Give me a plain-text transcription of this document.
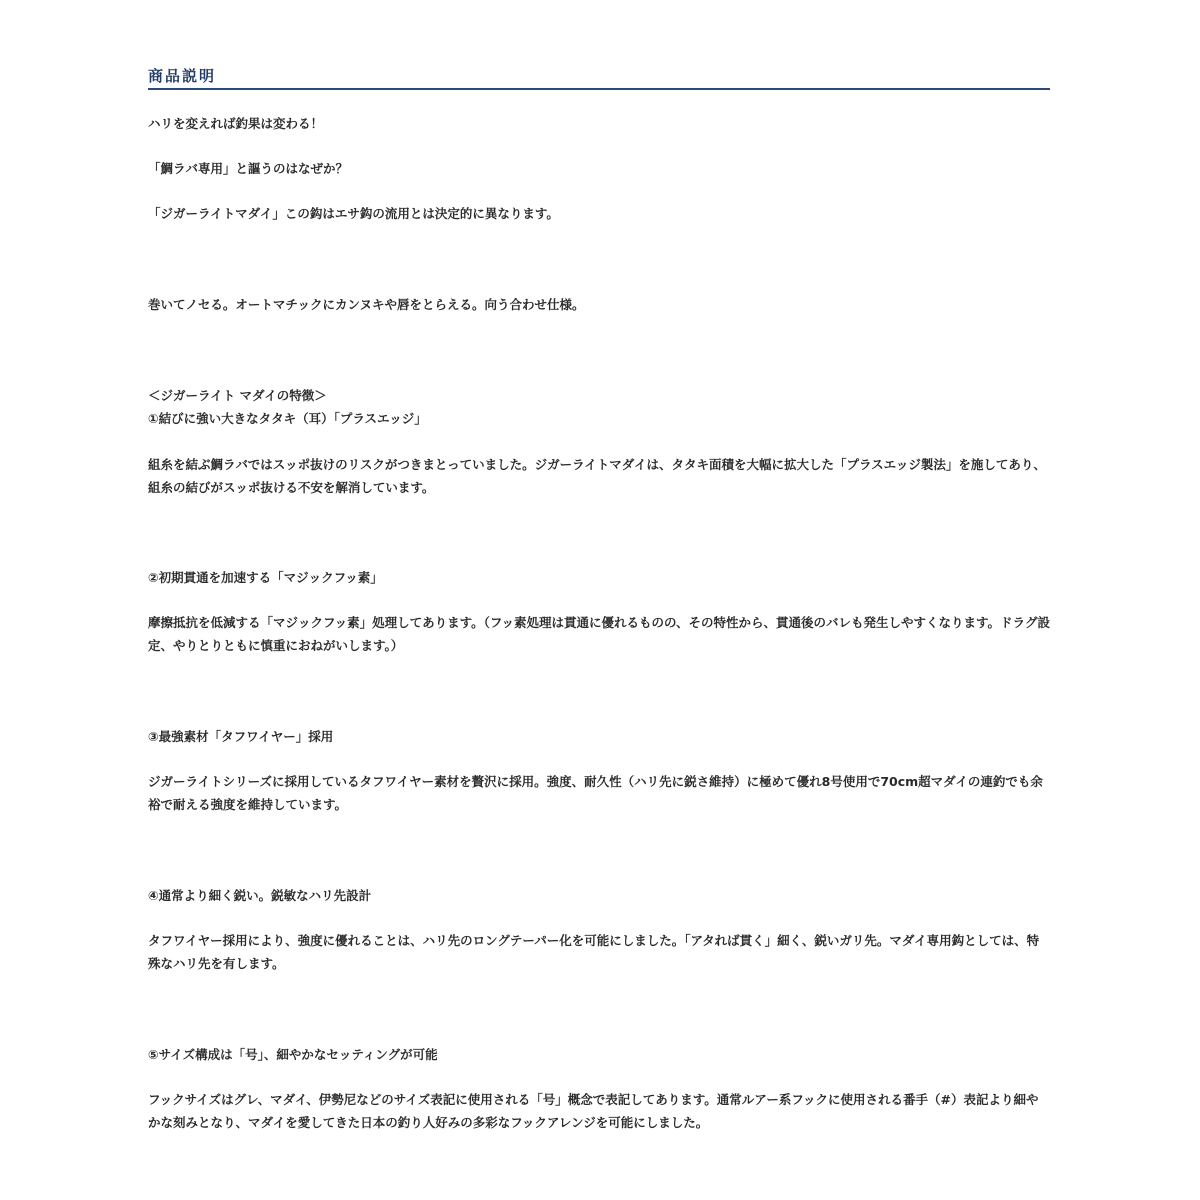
商品説明
ハリを変えれば釣果は変わる！
「鯛ラバ専用」と謳うのはなぜか？
「ジガーライトマダイ」この鈎はエサ鈎の流用とは決定的に異なります。
巻いてノセる。オートマチックにカンヌキや唇をとらえる。向う合わせ仕様。
＜ジガーライト マダイの特徴＞
①結びに強い大きなタタキ（耳）「プラスエッジ」
組糸を結ぶ鯛ラバではスッポ抜けのリスクがつきまとっていました。ジガーライトマダイは、タタキ面積を大幅に拡大した「プラスエッジ製法」を施してあり、組糸の結びがスッポ抜ける不安を解消しています。
②初期貫通を加速する「マジックフッ素」
摩擦抵抗を低減する「マジックフッ素」処理してあります。（フッ素処理は貫通に優れるものの、その特性から、貫通後のバレも発生しやすくなります。ドラグ設定、やりとりともに慎重におねがいします。）
③最強素材「タフワイヤー」採用
ジガーライトシリーズに採用しているタフワイヤー素材を贅沢に採用。強度、耐久性（ハリ先に鋭さ維持）に極めて優れ8号使用で70cm超マダイの連釣でも余裕で耐える強度を維持しています。
④通常より細く鋭い。鋭敏なハリ先設計
タフワイヤー採用により、強度に優れることは、ハリ先のロングテーパー化を可能にしました。「アタれば貫く」細く、鋭いガリ先。マダイ専用鈎としては、特殊なハリ先を有します。
⑤サイズ構成は「号」、細やかなセッティングが可能
フックサイズはグレ、マダイ、伊勢尼などのサイズ表記に使用される「号」概念で表記してあります。通常ルアー系フックに使用される番手（#）表記より細やかな刻みとなり、マダイを愛してきた日本の釣り人好みの多彩なフックアレンジを可能にしました。
